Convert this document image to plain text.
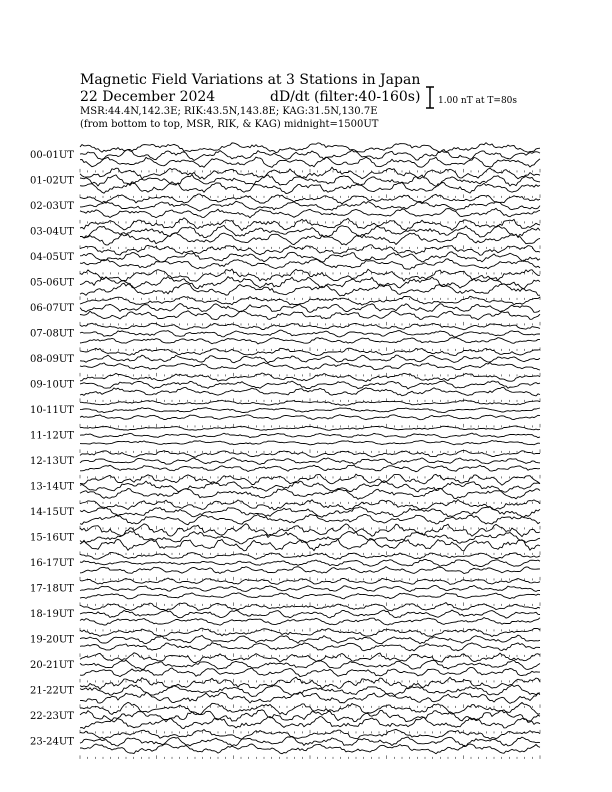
Magnetic Field Variations at 3 Stations in Japan
22 December 2024	dD/dt (filter:40-160s)
MSR:44.4N,142.3E; RIK:43.5N,143.8E; KAG:31.5N,130.7E
(from bottom to top, MSR, RIK, & KAG) midnight=1500UT
1.00 nT at T=80s
00-01UT
01-02UT
02-03UT
03-04UT
04-05UT
05-06UT
06-07UT
07-08UT
08-09UT
09-10UT
10-11UT
11-12UT
12-13UT
13-14UT
14-15UT
15-16UT
16-17UT
17-18UT
18-19UT
19-20UT
20-21UT
21-22UT
22-23UT
23-24UT
